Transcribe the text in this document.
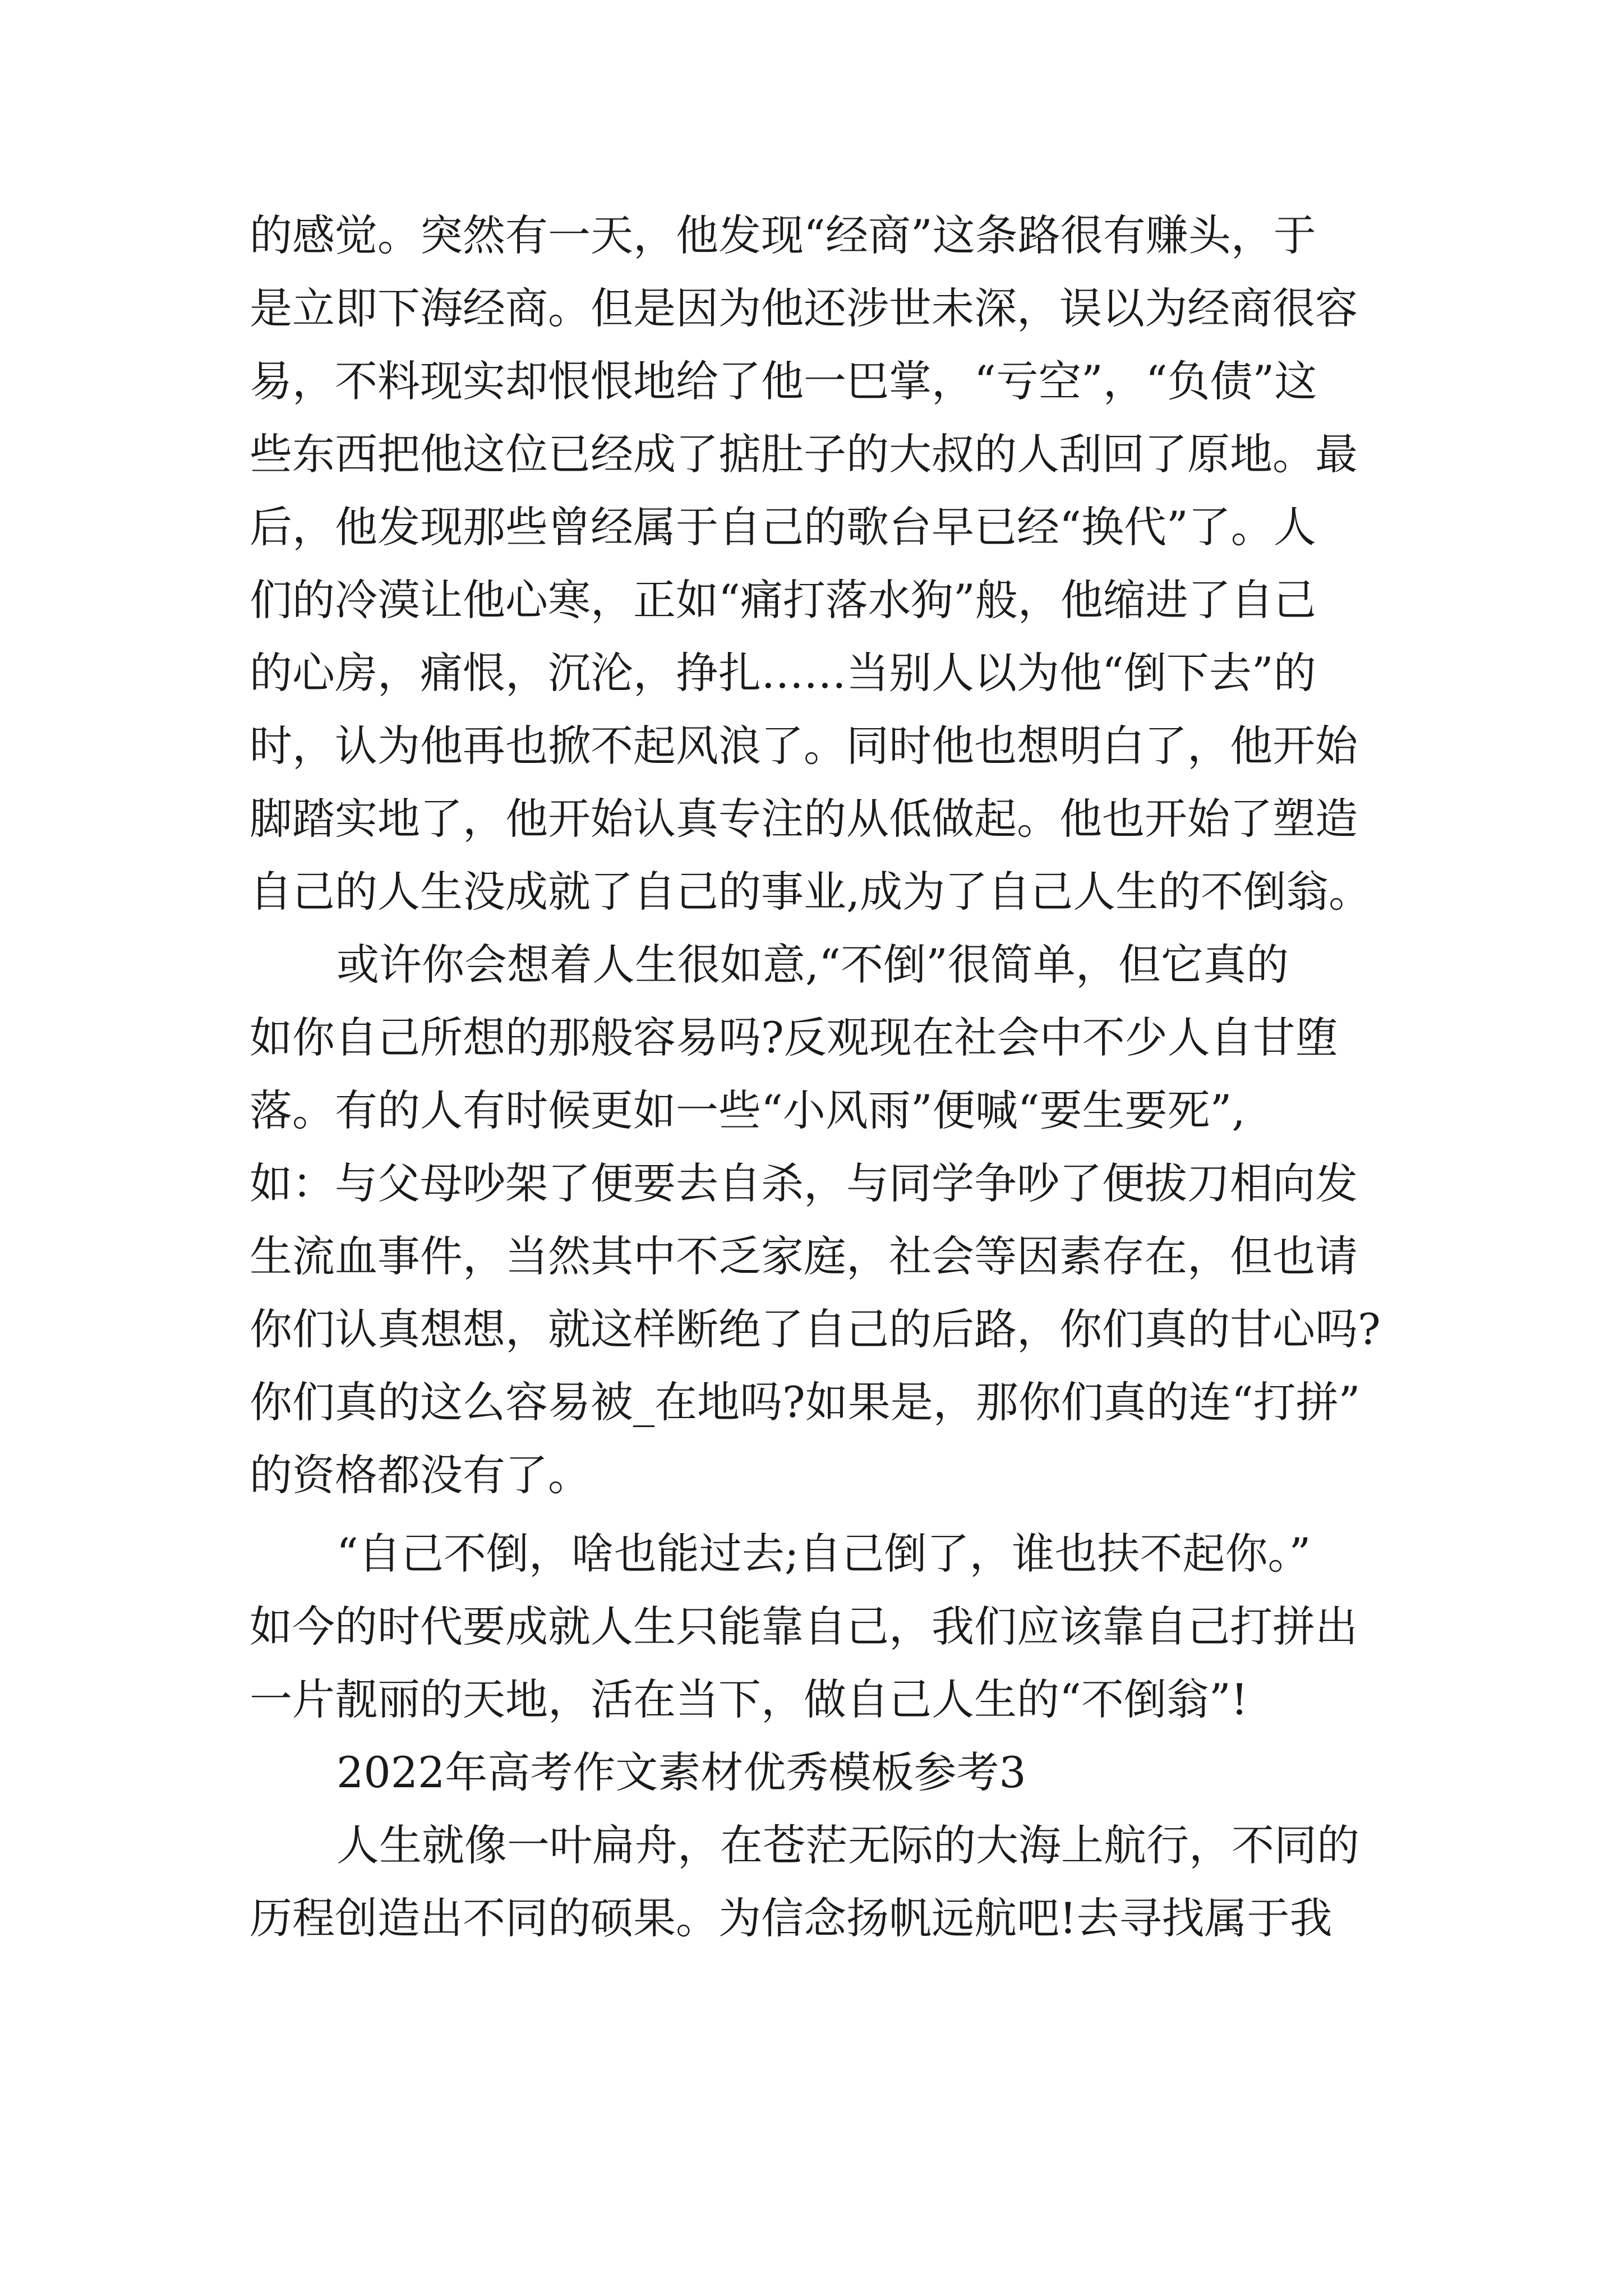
的感觉。突然有一天，他发现“经商”这条路很有赚头，于
是立即下海经商。但是因为他还涉世未深，误以为经商很容
易，不料现实却恨恨地给了他一巴掌，“亏空”，“负债”这
些东西把他这位已经成了掂肚子的大叔的人刮回了原地。最
后，他发现那些曾经属于自己的歌台早已经“换代”了。人
们的冷漠让他心寒，正如“痛打落水狗”般，他缩进了自己
的心房，痛恨，沉沦，挣扎……当别人以为他“倒下去”的
时，认为他再也掀不起风浪了。同时他也想明白了，他开始
脚踏实地了，他开始认真专注的从低做起。他也开始了塑造
自己的人生没成就了自己的事业,成为了自己人生的不倒翁。
或许你会想着人生很如意,“不倒”很简单，但它真的
如你自己所想的那般容易吗?反观现在社会中不少人自甘堕
落。有的人有时候更如一些“小风雨”便喊“要生要死”,
如：与父母吵架了便要去自杀，与同学争吵了便拔刀相向发
生流血事件，当然其中不乏家庭，社会等因素存在，但也请
你们认真想想，就这样断绝了自己的后路，你们真的甘心吗?
你们真的这么容易被_在地吗?如果是，那你们真的连“打拼”
的资格都没有了。
“自己不倒，啥也能过去;自己倒了，谁也扶不起你。”
如今的时代要成就人生只能靠自己，我们应该靠自己打拼出
一片靓丽的天地，活在当下，做自己人生的“不倒翁”!
2022年高考作文素材优秀模板参考3
人生就像一叶扁舟，在苍茫无际的大海上航行，不同的
历程创造出不同的硕果。为信念扬帆远航吧!去寻找属于我
